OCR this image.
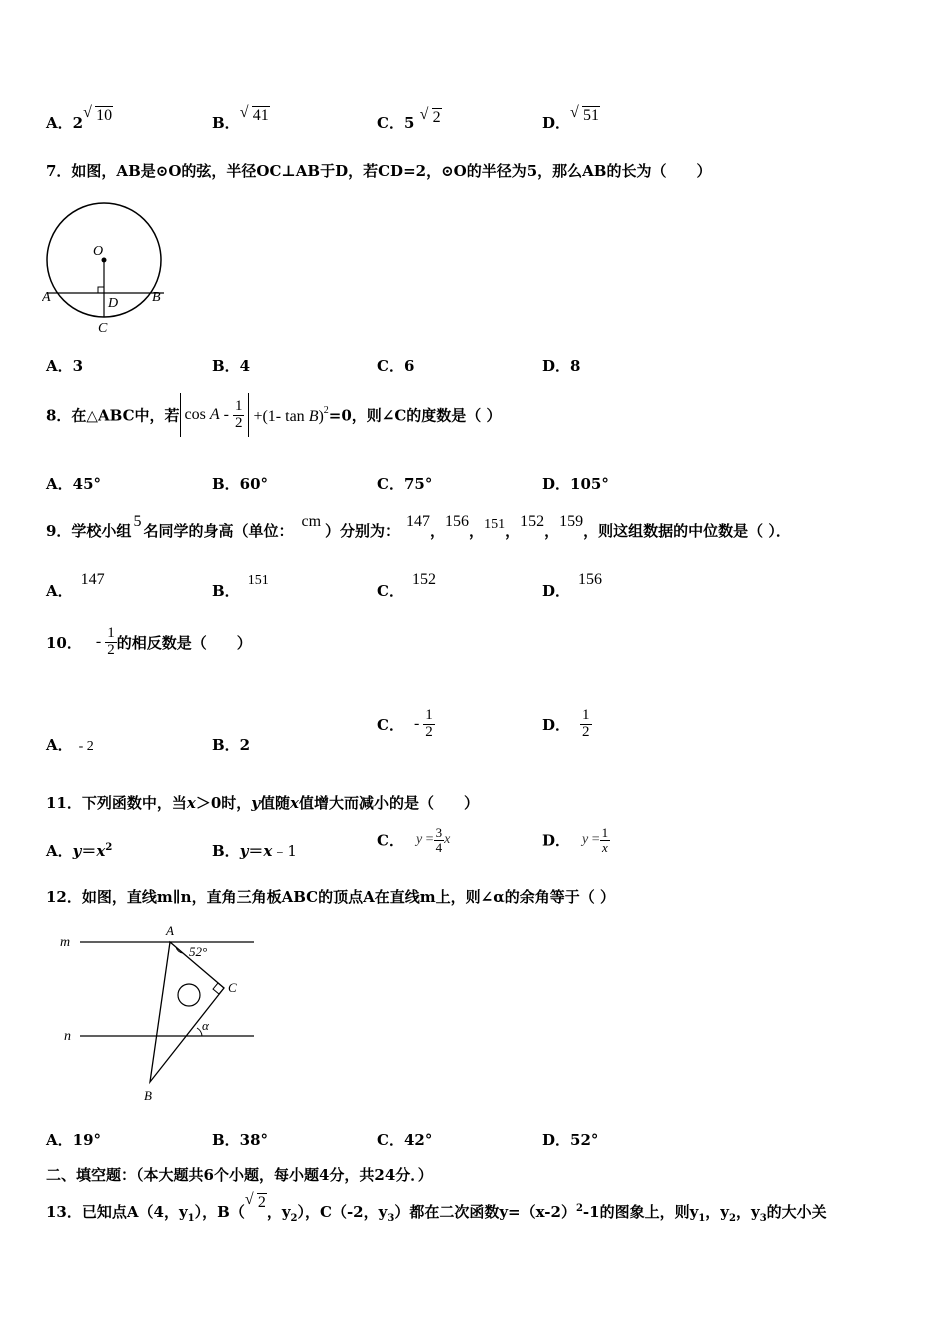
A．2 √ 10	B． √ 41	C．5 √ 2	D． √ 51
7．如图，AB是⊙O的弦，半径OC⊥AB于D，若CD=2，⊙O的半径为5，那么AB的长为（　　）
O
A	B
D
C
A．3	B．4	C．6	D．8
8．在△ABC中，若 $\cos A - \frac{1}{2} +(1-$ tan B)$^2$=0，则∠C的度数是（ ）
A．45°	B．60°	C．75°	D．105°
9．学校小组5名同学的身高（单位：cm）分别为：147，156，151，152，159，则这组数据的中位数是（ ）．
A．147
B．151
C．152
D．156
10． - $\frac{1}{2}$ 的相反数是（　　）
A． - 2	B．2
C． - $\frac{1}{2}$	D． $\frac{1}{2}$
11．下列函数中，当x＞0时，y值随x值增大而减小的是（　　）
A．$y=x^2$	B．y＝x﹣1
C． $y = \frac{3}{4}$ x	D． $y = \frac{1}{x}$
12．如图，直线m∥n，直角三角板ABC的顶点A在直线m上，则∠α的余角等于（ ）
m
n
A
52°
C
α
B
A．19°	B．38°	C．42°	D．52°
二、填空题：（本大题共6个小题，每小题4分，共24分．）
13．已知点A（4，$y_1$），B（√ 2，$y_2$），C（-2，$y_3$）都在二次函数$y=(x-2)^2-1$的图象上，则$y_1$，$y_2$，$y_3$的大小关
